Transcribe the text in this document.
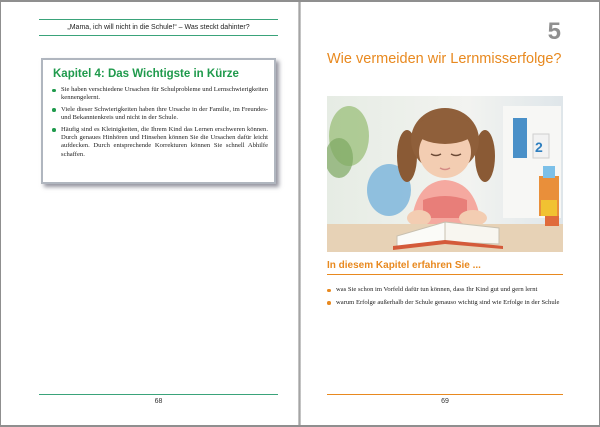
„Mama, ich will nicht in die Schule!“ – Was steckt dahinter?
Kapitel 4: Das Wichtigste in Kürze
Sie haben verschiedene Ursachen für Schulprobleme und Lernschwierigkeiten kennengelernt.
Viele dieser Schwierigkeiten haben ihre Ursache in der Familie, im Freundes- und Bekanntenkreis und nicht in der Schule.
Häufig sind es Kleinigkeiten, die Ihrem Kind das Lernen erschweren können. Durch genaues Hinhören und Hinsehen können Sie die Ursachen dafür leicht aufdecken. Durch entsprechende Korrekturen können Sie schnell Abhilfe schaffen.
68
5
Wie vermeiden wir Lernmisserfolge?
2
In diesem Kapitel erfahren Sie ...
was Sie schon im Vorfeld dafür tun können, dass Ihr Kind gut und gern lernt
warum Erfolge außerhalb der Schule genauso wichtig sind wie Erfolge in der Schule
69
